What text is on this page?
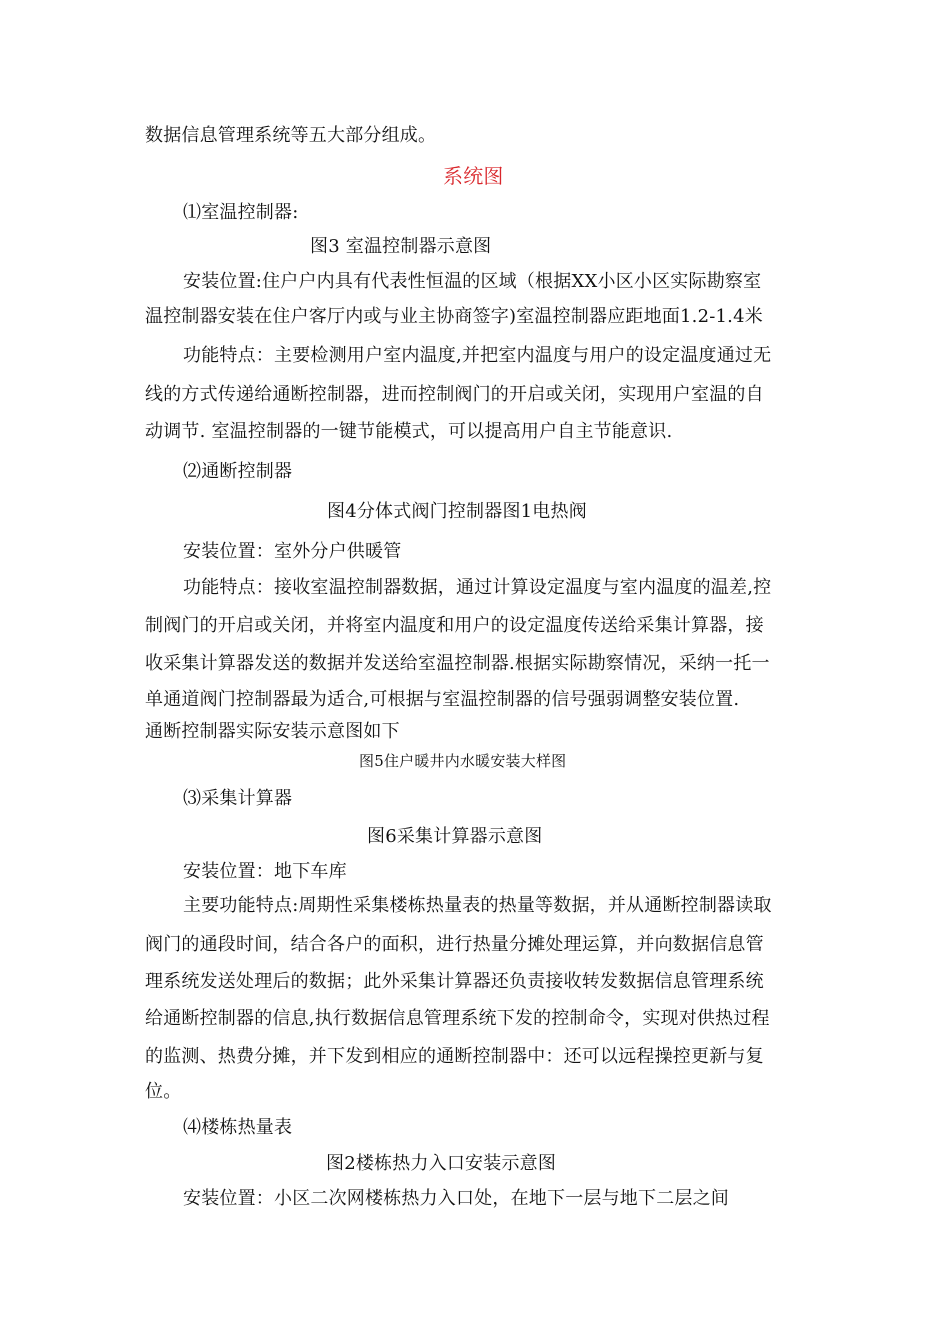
数据信息管理系统等五大部分组成。
系统图
⑴室温控制器:
图3 室温控制器示意图
安装位置:住户户内具有代表性恒温的区域（根据XX小区小区实际勘察室
温控制器安装在住户客厅内或与业主协商签字)室温控制器应距地面1.2-1.4米
功能特点：主要检测用户室内温度,并把室内温度与用户的设定温度通过无
线的方式传递给通断控制器，进而控制阀门的开启或关闭，实现用户室温的自
动调节. 室温控制器的一键节能模式，可以提高用户自主节能意识.
⑵通断控制器
图4分体式阀门控制器图1电热阀
安装位置：室外分户供暖管
功能特点：接收室温控制器数据，通过计算设定温度与室内温度的温差,控
制阀门的开启或关闭，并将室内温度和用户的设定温度传送给采集计算器，接
收采集计算器发送的数据并发送给室温控制器.根据实际勘察情况，采纳一托一
单通道阀门控制器最为适合,可根据与室温控制器的信号强弱调整安装位置.
通断控制器实际安装示意图如下
图5住户暖井内水暖安装大样图
⑶采集计算器
图6采集计算器示意图
安装位置：地下车库
主要功能特点:周期性采集楼栋热量表的热量等数据，并从通断控制器读取
阀门的通段时间，结合各户的面积，进行热量分摊处理运算，并向数据信息管
理系统发送处理后的数据；此外采集计算器还负责接收转发数据信息管理系统
给通断控制器的信息,执行数据信息管理系统下发的控制命令，实现对供热过程
的监测、热费分摊，并下发到相应的通断控制器中：还可以远程操控更新与复
位。
⑷楼栋热量表
图2楼栋热力入口安装示意图
安装位置：小区二次网楼栋热力入口处，在地下一层与地下二层之间
